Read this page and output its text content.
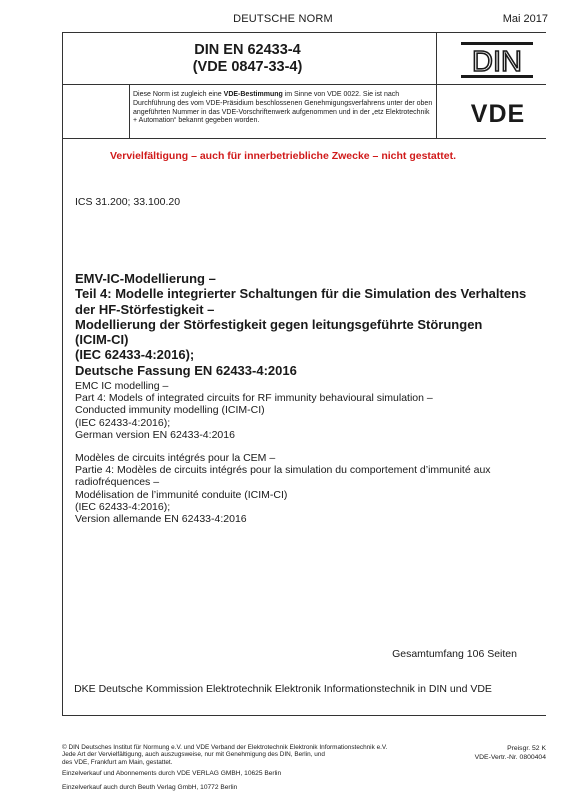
DEUTSCHE NORM	Mai 2017
DIN EN 62433-4
(VDE 0847-33-4)	DIN
VDE
Diese Norm ist zugleich eine VDE-Bestimmung im Sinne von VDE 0022. Sie ist nach Durchführung des vom VDE-Präsidium beschlossenen Genehmigungsverfahrens unter der oben angeführten Nummer in das VDE-Vorschriftenwerk aufgenommen und in der „etz Elektrotechnik + Automation“ bekannt gegeben worden.
Vervielfältigung – auch für innerbetriebliche Zwecke – nicht gestattet.
ICS 31.200; 33.100.20
EMV-IC-Modellierung –
Teil 4: Modelle integrierter Schaltungen für die Simulation des Verhaltens
der HF-Störfestigkeit –
Modellierung der Störfestigkeit gegen leitungsgeführte Störungen
(ICIM-CI)
(IEC 62433-4:2016);
Deutsche Fassung EN 62433-4:2016
EMC IC modelling –
Part 4: Models of integrated circuits for RF immunity behavioural simulation –
Conducted immunity modelling (ICIM-CI)
(IEC 62433-4:2016);
German version EN 62433-4:2016
Modèles de circuits intégrés pour la CEM –
Partie 4: Modèles de circuits intégrés pour la simulation du comportement d’immunité aux
radiofréquences –
Modélisation de l’immunité conduite (ICIM-CI)
(IEC 62433-4:2016);
Version allemande EN 62433-4:2016
Gesamtumfang 106 Seiten
DKE Deutsche Kommission Elektrotechnik Elektronik Informationstechnik in DIN und VDE
© DIN Deutsches Institut für Normung e.V. und VDE Verband der Elektrotechnik Elektronik Informationstechnik e.V.
Jede Art der Vervielfältigung, auch auszugsweise, nur mit Genehmigung des DIN, Berlin, und
des VDE, Frankfurt am Main, gestattet.
Preisgr. 52 K
VDE-Vertr.-Nr. 0800404
Einzelverkauf und Abonnements durch VDE VERLAG GMBH, 10625 Berlin
Einzelverkauf auch durch Beuth Verlag GmbH, 10772 Berlin
